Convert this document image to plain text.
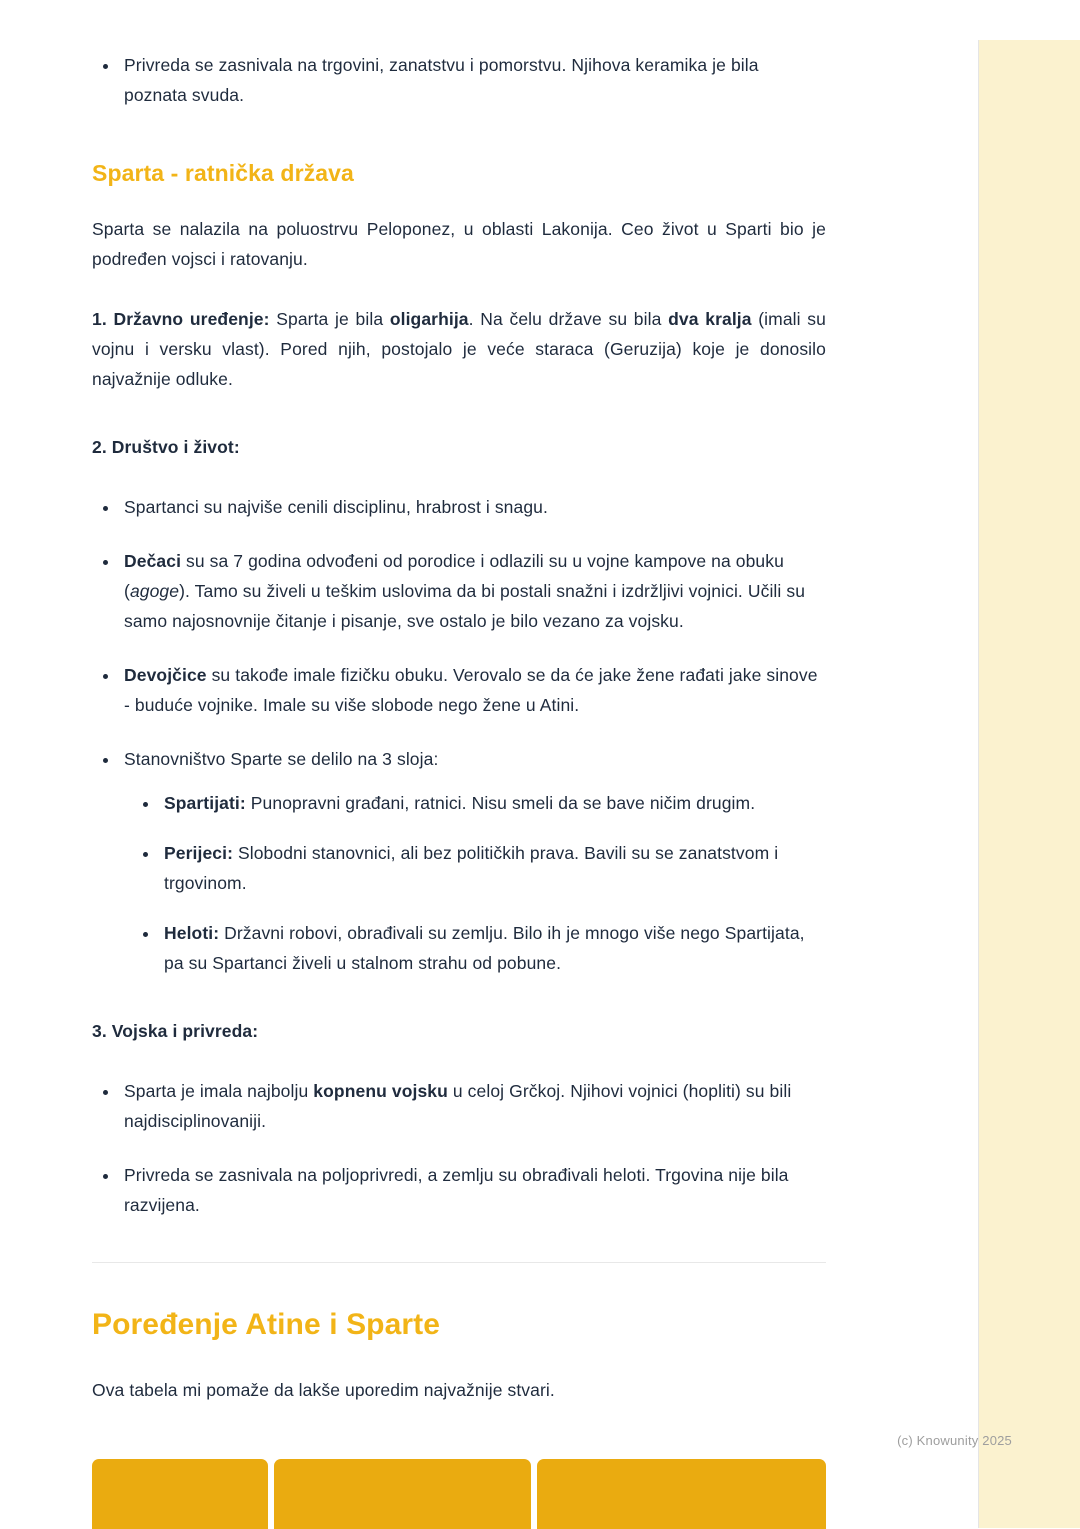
• Privreda se zasnivala na trgovini, zanatstvu i pomorstvu. Njihova keramika je bila poznata svuda.
Sparta - ratnička država

Sparta se nalazila na poluostrvu Peloponez, u oblasti Lakonija. Ceo život u Sparti bio je podređen vojsci i ratovanju.

1. Državno uređenje: Sparta je bila oligarhija. Na čelu države su bila dva kralja (imali su vojnu i versku vlast). Pored njih, postojalo je veće staraca (Geruzija) koje je donosilo najvažnije odluke.

2. Društvo i život:

• Spartanci su najviše cenili disciplinu, hrabrost i snagu.
• Dečaci su sa 7 godina odvođeni od porodice i odlazili su u vojne kampove na obuku (agoge). Tamo su živeli u teškim uslovima da bi postali snažni i izdržljivi vojnici. Učili su samo najosnovnije čitanje i pisanje, sve ostalo je bilo vezano za vojsku.
• Devojčice su takođe imale fizičku obuku. Verovalo se da će jake žene rađati jake sinove - buduće vojnike. Imale su više slobode nego žene u Atini.
• Stanovništvo Sparte se delilo na 3 sloja:
• Spartijati: Punopravni građani, ratnici. Nisu smeli da se bave ničim drugim.
• Perijeci: Slobodni stanovnici, ali bez političkih prava. Bavili su se zanatstvom i trgovinom.
• Heloti: Državni robovi, obrađivali su zemlju. Bilo ih je mnogo više nego Spartijata, pa su Spartanci živeli u stalnom strahu od pobune.

3. Vojska i privreda:

• Sparta je imala najbolju kopnenu vojsku u celoj Grčkoj. Njihovi vojnici (hopliti) su bili najdisciplinovaniji.
• Privreda se zasnivala na poljoprivredi, a zemlju su obrađivali heloti. Trgovina nije bila razvijena.
Poređenje Atine i Sparte

Ova tabela mi pomaže da lakše uporedim najvažnije stvari.

(c) Knowunity 2025
